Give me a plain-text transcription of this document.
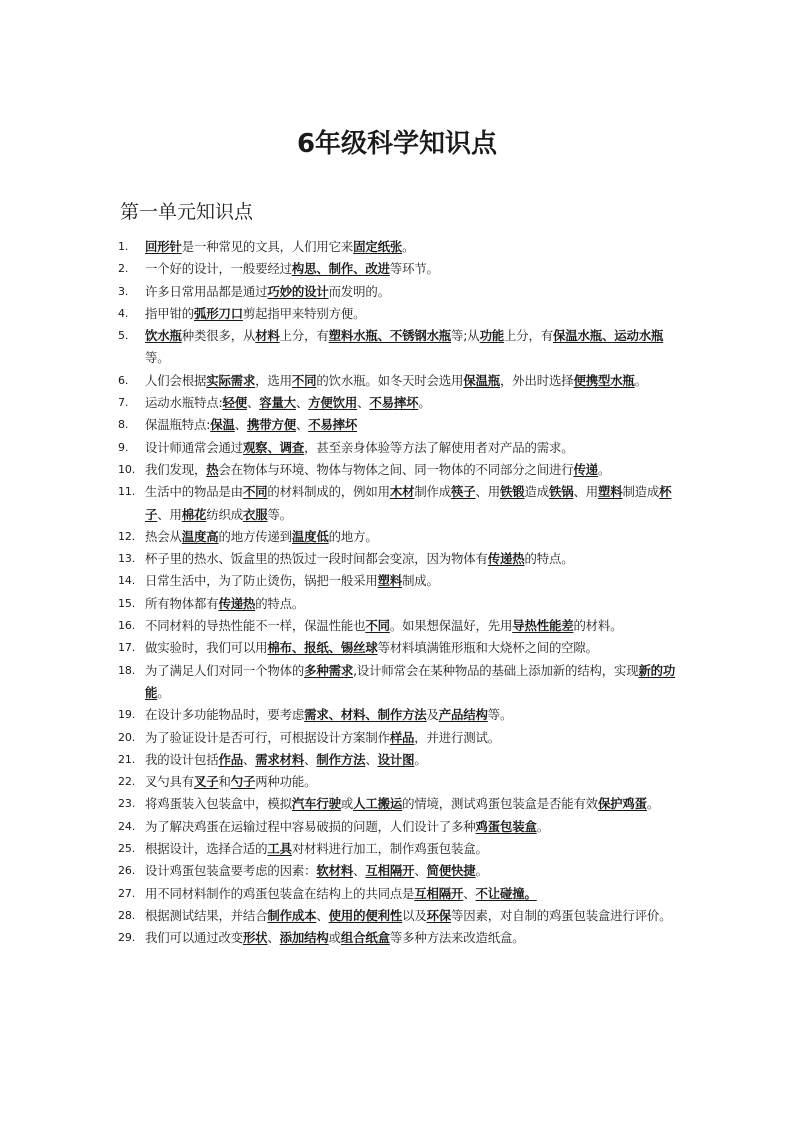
6年级科学知识点
第一单元知识点
1.	回形针是一种常见的文具，人们用它来固定纸张。
2.	一个好的设计，一般要经过构思、制作、改进等环节。
3.	许多日常用品都是通过巧妙的设计而发明的。
4.	指甲钳的弧形刀口剪起指甲来特别方便。
5.	饮水瓶种类很多，从材料上分，有塑料水瓶、不锈钢水瓶等;从功能上分，有保温水瓶、运动水瓶等。
6.	人们会根据实际需求，选用不同的饮水瓶。如冬天时会选用保温瓶，外出时选择便携型水瓶。
7.	运动水瓶特点:轻便、容量大、方便饮用、不易摔坏。
8.	保温瓶特点:保温、携带方便、不易摔坏
9.	设计师通常会通过观察、调查，甚至亲身体验等方法了解使用者对产品的需求。
10. 我们发现，热会在物体与环境、物体与物体之间、同一物体的不同部分之间进行传递。
11. 生活中的物品是由不同的材料制成的，例如用木材制作成筷子、用铁锻造成铁锅、用塑料制造成杯子、用棉花纺织成衣服等。
12. 热会从温度高的地方传递到温度低的地方。
13. 杯子里的热水、饭盒里的热饭过一段时间都会变凉，因为物体有传递热的特点。
14. 日常生活中，为了防止烫伤，锅把一般采用塑料制成。
15. 所有物体都有传递热的特点。
16. 不同材料的导热性能不一样，保温性能也不同。如果想保温好，先用导热性能差的材料。
17. 做实验时，我们可以用棉布、报纸、锡丝球等材料填满锥形瓶和大烧杯之间的空隙。
18. 为了满足人们对同一个物体的多种需求,设计师常会在某种物品的基础上添加新的结构，实现新的功能。
19. 在设计多功能物品时，要考虑需求、材料、制作方法及产品结构等。
20. 为了验证设计是否可行，可根据设计方案制作样品，并进行测试。
21. 我的设计包括作品、需求材料、制作方法、设计图。
22. 叉勺具有叉子和勺子两种功能。
23. 将鸡蛋装入包装盒中，模拟汽车行驶或人工搬运的情境，测试鸡蛋包装盒是否能有效保护鸡蛋。
24. 为了解决鸡蛋在运输过程中容易破损的问题，人们设计了多种鸡蛋包装盒。
25. 根据设计，选择合适的工具对材料进行加工，制作鸡蛋包装盒。
26. 设计鸡蛋包装盒要考虑的因素：软材料、互相隔开、简便快捷。
27. 用不同材料制作的鸡蛋包装盒在结构上的共同点是互相隔开、不让碰撞。
28. 根据测试结果，并结合制作成本、使用的便利性以及环保等因素，对自制的鸡蛋包装盒进行评价。
29. 我们可以通过改变形状、添加结构或组合纸盒等多种方法来改造纸盒。
